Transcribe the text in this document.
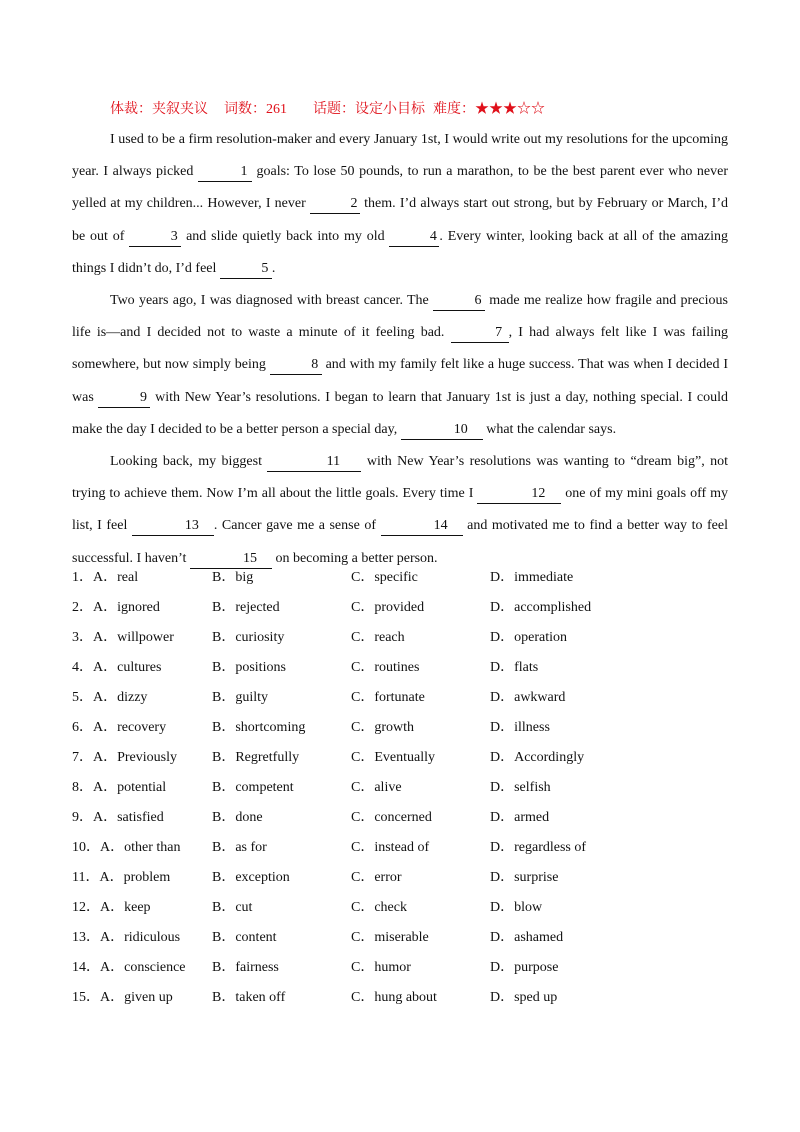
体裁：夹叙夹议 词数：261 话题：设定小目标 难度：★★★☆☆

I used to be a firm resolution-maker and every January 1st, I would write out my resolutions for the upcoming year. I always picked	1 goals: To lose 50 pounds, to run a marathon, to be the best parent ever who never yelled at my children... However, I never	2 them. I’d always start out strong, but by February or March, I’d be out of	3 and slide quietly back into my old	4 . Every winter, looking back at all of the amazing things I didn’t do, I’d feel	5 .

Two years ago, I was diagnosed with breast cancer. The	6 made me realize how fragile and precious life is—and I decided not to waste a minute of it feeling bad.	7 , I had always felt like I was failing somewhere, but now simply being	8 and with my family felt like a huge success. That was when I decided I was	9 with New Year’s resolutions. I began to learn that January 1st is just a day, nothing special. I could make the day I decided to be a better person a special day,	10 what the calendar says.

Looking back, my biggest	11 with New Year’s resolutions was wanting to “dream big”, not trying to achieve them. Now I’m all about the little goals. Every time I	12 one of my mini goals off my list, I feel	13 . Cancer gave me a sense of	14 and motivated me to find a better way to feel successful. I haven’t	15 on becoming a better person.

1．A．real	B．big	C．specific	D．immediate
2．A．ignored	B．rejected	C．provided	D．accomplished
3．A．willpower	B．curiosity	C．reach	D．operation
4．A．cultures	B．positions	C．routines	D．flats
5．A．dizzy	B．guilty	C．fortunate	D．awkward
6．A．recovery	B．shortcoming	C．growth	D．illness
7．A．Previously	B．Regretfully	C．Eventually	D．Accordingly
8．A．potential	B．competent	C．alive	D．selfish
9．A．satisfied	B．done	C．concerned	D．armed
10．A．other than B．as for	C．instead of	D．regardless of
11．A．problem	B．exception	C．error	D．surprise
12．A．keep	B．cut	C．check	D．blow
13．A．ridiculous B．content	C．miserable	D．ashamed
14．A．conscience B．fairness	C．humor	D．purpose
15．A．given up	B．taken off	C．hung about	D．sped up
